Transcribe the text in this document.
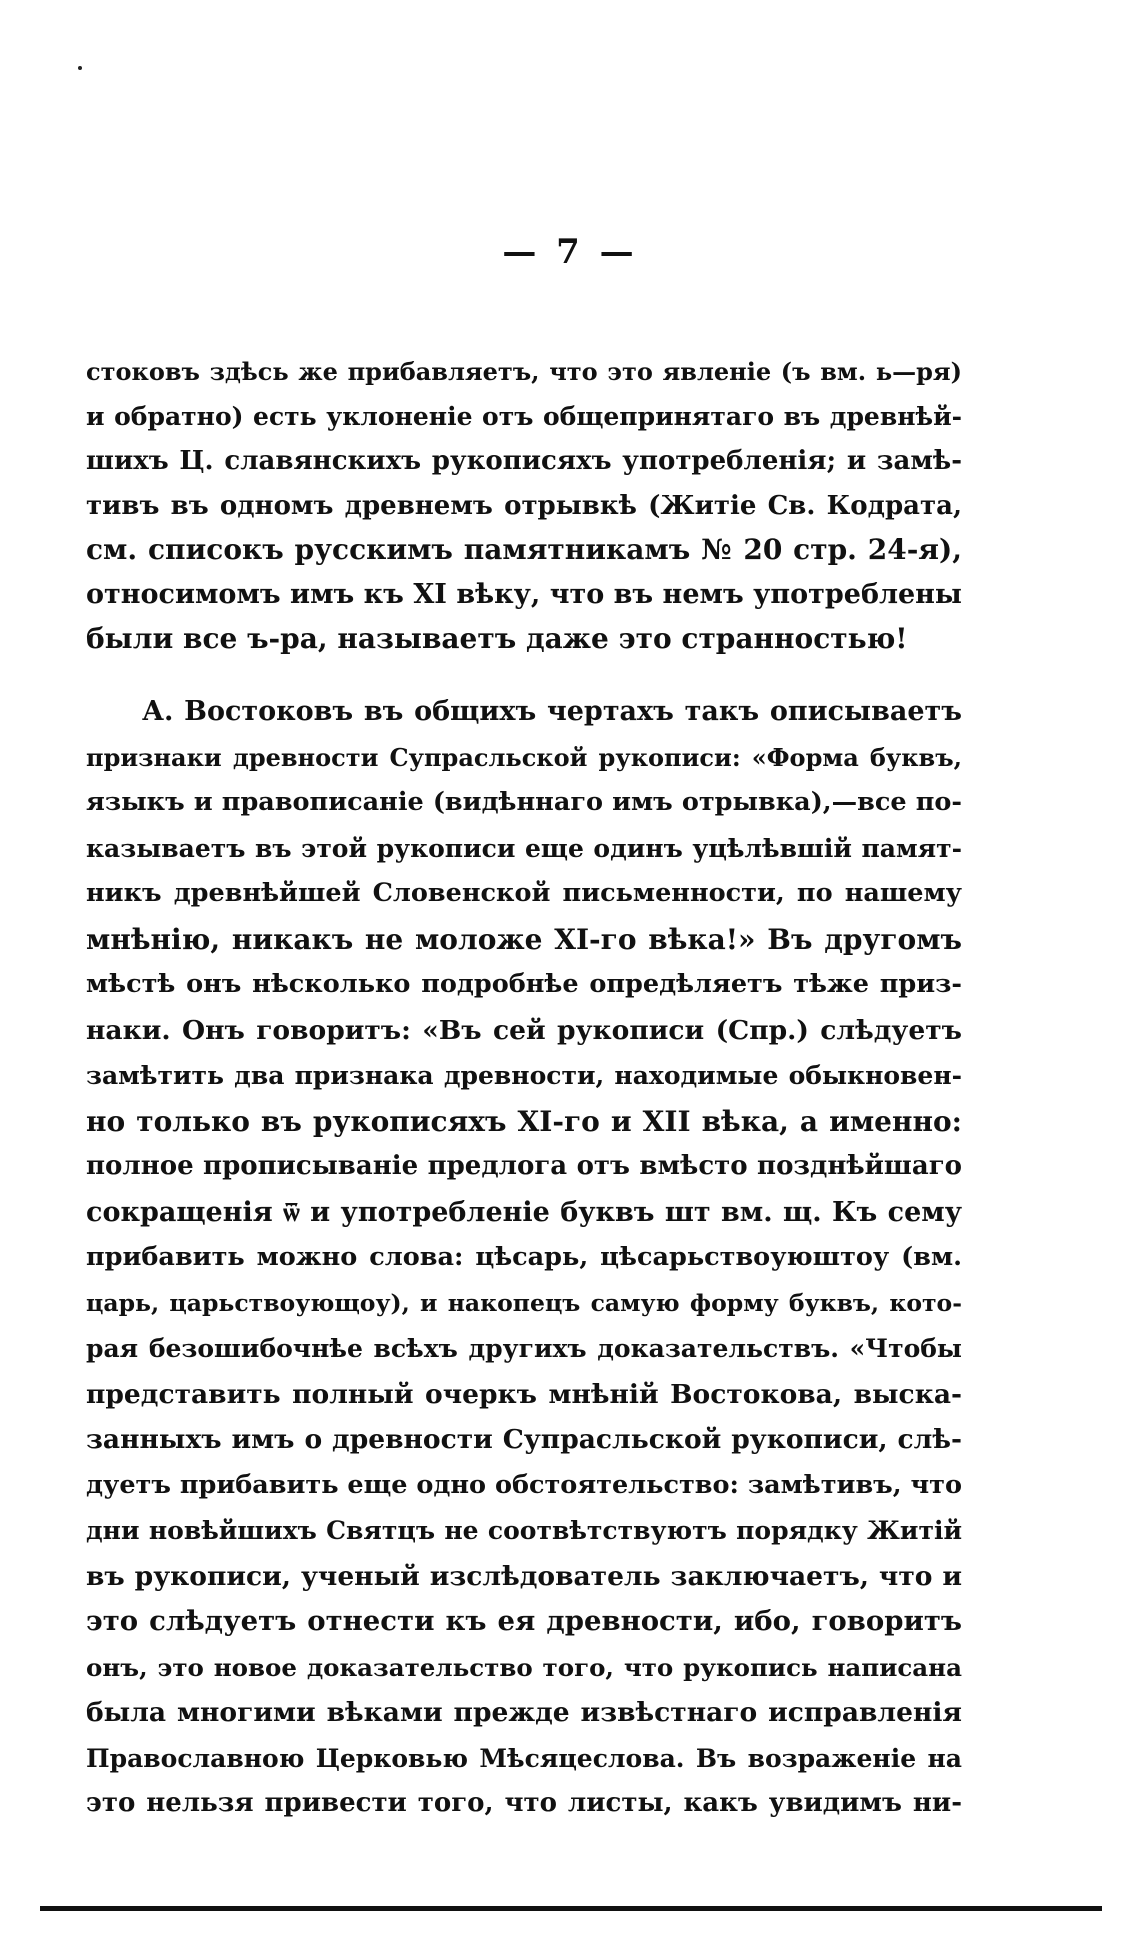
— 7 —
стоковъ здѣсь же прибавляетъ, что это явленіе (ъ вм. ь—ря)
и обратно) есть уклоненіе отъ общепринятаго въ древнѣй-
шихъ Ц. славянскихъ рукописяхъ употребленія; и замѣ-
тивъ въ одномъ древнемъ отрывкѣ (Житіе Св. Кодрата,
см. списокъ русскимъ памятникамъ № 20 стр. 24-я),
относимомъ имъ къ XI вѣку, что въ немъ употреблены
были все ъ-ра, называетъ даже это странностью!
А. Востоковъ въ общихъ чертахъ такъ описываетъ
признаки древности Супрасльской рукописи: «Форма буквъ,
языкъ и правописаніе (видѣннаго имъ отрывка),—все по-
казываетъ въ этой рукописи еще одинъ уцѣлѣвшій памят-
никъ древнѣйшей Словенской письменности, по нашему
мнѣнію, никакъ не моложе XI-го вѣка!» Въ другомъ
мѣстѣ онъ нѣсколько подробнѣе опредѣляетъ тѣже приз-
наки. Онъ говоритъ: «Въ сей рукописи (Спр.) слѣдуетъ
замѣтить два признака древности, находимые обыкновен-
но только въ рукописяхъ XI-го и XII вѣка, а именно:
полное прописываніе предлога отъ вмѣсто позднѣйшаго
сокращенія ѿ и употребленіе буквъ шт вм. щ. Къ сему
прибавить можно слова: цѣсарь, цѣсарьствоуюштоу (вм.
царь, царьствоующоу), и накопецъ самую форму буквъ, кото-
рая безошибочнѣе всѣхъ другихъ доказательствъ. «Чтобы
представить полный очеркъ мнѣній Востокова, выска-
занныхъ имъ о древности Супрасльской рукописи, слѣ-
дуетъ прибавить еще одно обстоятельство: замѣтивъ, что
дни новѣйшихъ Святцъ не соотвѣтствуютъ порядку Житій
въ рукописи, ученый изслѣдователь заключаетъ, что и
это слѣдуетъ отнести къ ея древности, ибо, говоритъ
онъ, это новое доказательство того, что рукопись написана
была многими вѣками прежде извѣстнаго исправленія
Православною Церковью Мѣсяцеслова. Въ возраженіе на
это нельзя привести того, что листы, какъ увидимъ ни-
